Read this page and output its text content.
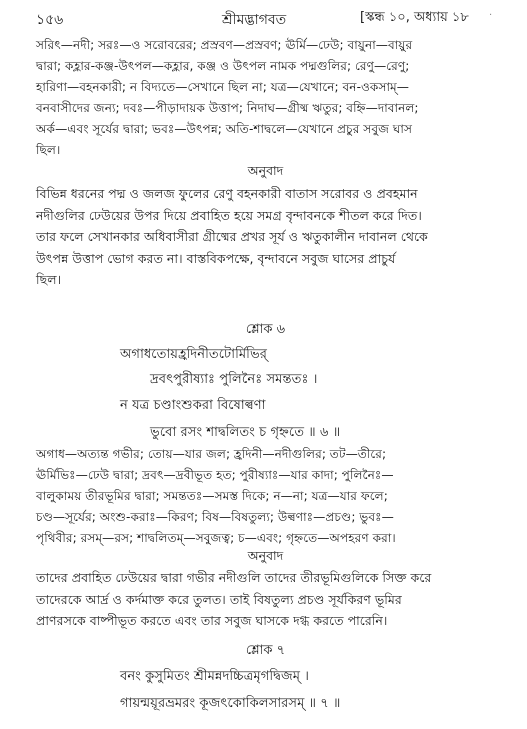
১৫৬	শ্রীমদ্ভাগবত	[স্কন্ধ ১০, অধ্যায় ১৮ ·
সরিৎ—নদী; সরঃ—ও সরোবরের; প্রস্রবণ—প্রস্রবণ; ঊর্মি—ঢেউ; বায়ুনা—বায়ুর
দ্বারা; কহ্লার-কঞ্জ-উৎপল—কহ্লার, কঞ্জ ও উৎপল নামক পদ্মগুলির; রেণু—রেণু;
হারিণা—বহনকারী; ন বিদ্যতে—সেখানে ছিল না; যত্র—যেখানে; বন-ওকসাম্—
বনবাসীদের জন্য; দবঃ—পীড়াদায়ক উত্তাপ; নিদাঘ—গ্রীষ্ম ঋতুর; বহ্নি—দাবানল;
অর্ক—এবং সূর্যের দ্বারা; ভবঃ—উৎপন্ন; অতি-শাদ্বলে—যেখানে প্রচুর সবুজ ঘাস
ছিল।
অনুবাদ
বিভিন্ন ধরনের পদ্ম ও জলজ ফুলের রেণু বহনকারী বাতাস সরোবর ও প্রবহমান
নদীগুলির ঢেউয়ের উপর দিয়ে প্রবাহিত হয়ে সমগ্র বৃন্দাবনকে শীতল করে দিত।
তার ফলে সেখানকার অধিবাসীরা গ্রীষ্মের প্রখর সূর্য ও ঋতুকালীন দাবানল থেকে
উৎপন্ন উত্তাপ ভোগ করত না। বাস্তবিকপক্ষে, বৃন্দাবনে সবুজ ঘাসের প্রাচুর্য
ছিল।
শ্লোক ৬
অগাধতোয়হ্রদিনীতটোর্মিভির্
দ্রবৎপুরীষ্যাঃ পুলিনৈঃ সমন্ততঃ ।
ন যত্র চণ্ডাংশুকরা বিষোল্বণা
ভুবো রসং শাদ্বলিতং চ গৃহ্নতে ॥ ৬ ॥
অগাধ—অত্যন্ত গভীর; তোয়—যার জল; হ্রদিনী—নদীগুলির; তট—তীরে;
ঊর্মিভিঃ—ঢেউ দ্বারা; দ্রবৎ—দ্রবীভূত হত; পুরীষ্যাঃ—যার কাদা; পুলিনৈঃ—
বালুকাময় তীরভূমির দ্বারা; সমন্ততঃ—সমস্ত দিকে; ন—না; যত্র—যার ফলে;
চণ্ড—সূর্যের; অংশু-করাঃ—কিরণ; বিষ—বিষতুল্য; উল্বণাঃ—প্রচণ্ড; ভুবঃ—
পৃথিবীর; রসম্—রস; শাদ্বলিতম্—সবুজত্ব; চ—এবং; গৃহ্নতে—অপহরণ করা।
অনুবাদ
তাদের প্রবাহিত ঢেউয়ের দ্বারা গভীর নদীগুলি তাদের তীরভূমিগুলিকে সিক্ত করে
তাদেরকে আর্দ্র ও কর্দমাক্ত করে তুলত। তাই বিষতুল্য প্রচণ্ড সূর্যকিরণ ভূমির
প্রাণরসকে বাষ্পীভূত করতে এবং তার সবুজ ঘাসকে দগ্ধ করতে পারেনি।
শ্লোক ৭
বনং কুসুমিতং শ্রীমন্নদচ্চিত্রমৃগদ্বিজম্ ।
গায়ন্ময়ূরভ্রমরং কূজৎকোকিলসারসম্ ॥ ৭ ॥
